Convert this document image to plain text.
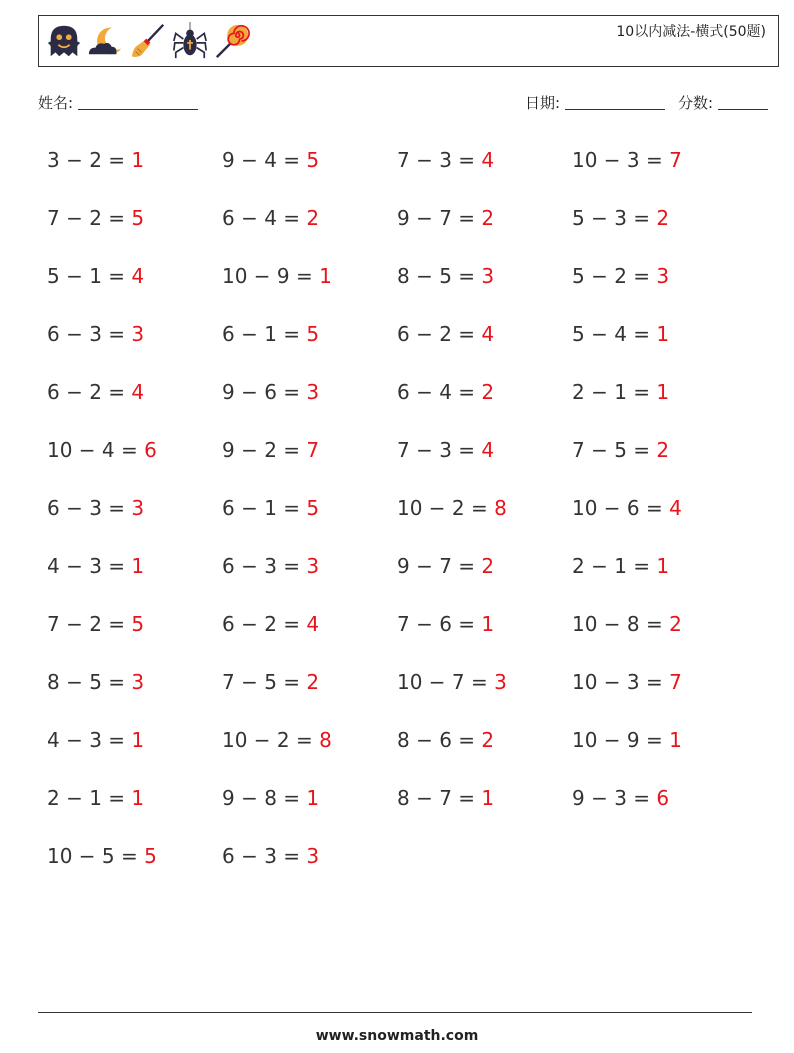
10以内减法-横式(50题)
姓名:	日期:	分数:
3 − 2 = 1	9 − 4 = 5	7 − 3 = 4	10 − 3 = 7
7 − 2 = 5	6 − 4 = 2	9 − 7 = 2	5 − 3 = 2
5 − 1 = 4	10 − 9 = 1	8 − 5 = 3	5 − 2 = 3
6 − 3 = 3	6 − 1 = 5	6 − 2 = 4	5 − 4 = 1
6 − 2 = 4	9 − 6 = 3	6 − 4 = 2	2 − 1 = 1
10 − 4 = 6	9 − 2 = 7	7 − 3 = 4	7 − 5 = 2
6 − 3 = 3	6 − 1 = 5	10 − 2 = 8	10 − 6 = 4
4 − 3 = 1	6 − 3 = 3	9 − 7 = 2	2 − 1 = 1
7 − 2 = 5	6 − 2 = 4	7 − 6 = 1	10 − 8 = 2
8 − 5 = 3	7 − 5 = 2	10 − 7 = 3	10 − 3 = 7
4 − 3 = 1	10 − 2 = 8	8 − 6 = 2	10 − 9 = 1
2 − 1 = 1	9 − 8 = 1	8 − 7 = 1	9 − 3 = 6
10 − 5 = 5	6 − 3 = 3
www.snowmath.com
